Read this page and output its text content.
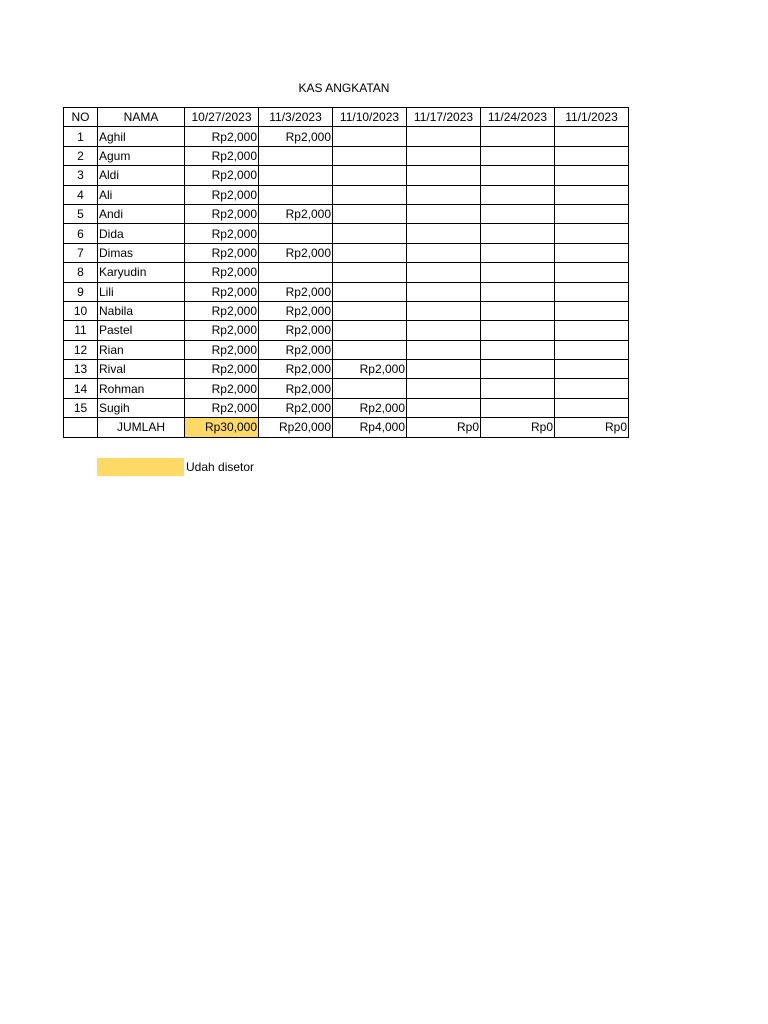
KAS ANGKATAN
NO	NAMA	10/27/2023	11/3/2023	11/10/2023	11/17/2023	11/24/2023	11/1/2023
1	Aghil	Rp2,000	Rp2,000				
2	Agum	Rp2,000					
3	Aldi	Rp2,000					
4	Ali	Rp2,000					
5	Andi	Rp2,000	Rp2,000				
6	Dida	Rp2,000					
7	Dimas	Rp2,000	Rp2,000				
8	Karyudin	Rp2,000					
9	Lili	Rp2,000	Rp2,000				
10	Nabila	Rp2,000	Rp2,000				
11	Pastel	Rp2,000	Rp2,000				
12	Rian	Rp2,000	Rp2,000				
13	Rival	Rp2,000	Rp2,000	Rp2,000			
14	Rohman	Rp2,000	Rp2,000				
15	Sugih	Rp2,000	Rp2,000	Rp2,000			
	JUMLAH	Rp30,000	Rp20,000	Rp4,000	Rp0	Rp0	Rp0
Udah disetor
